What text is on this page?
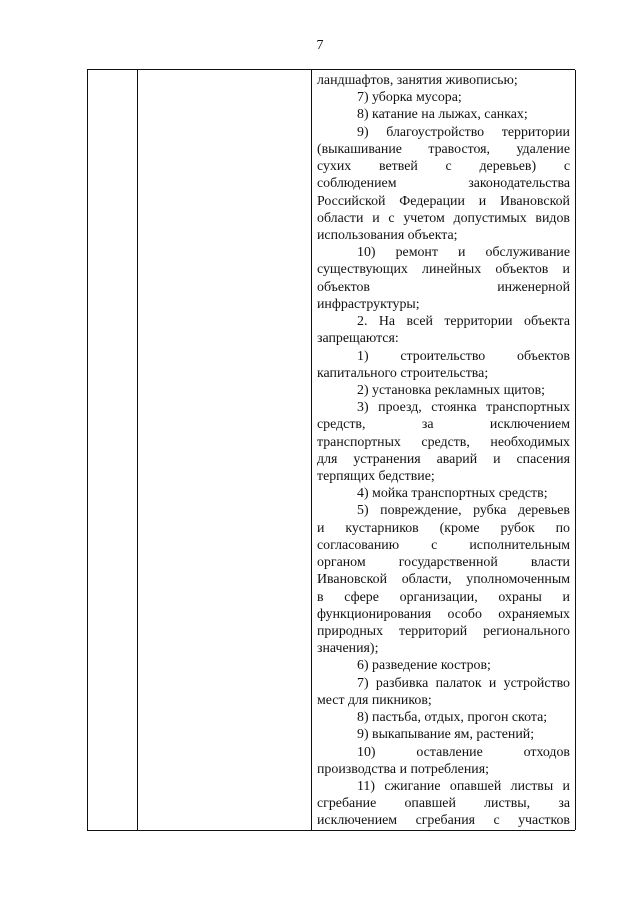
7
ландшафтов, занятия живописью;
7) уборка мусора;
8) катание на лыжах, санках;
9) благоустройство территории
(выкашивание травостоя, удаление
сухих ветвей с деревьев) с
соблюдением законодательства
Российской Федерации и Ивановской
области и с учетом допустимых видов
использования объекта;
10) ремонт и обслуживание
существующих линейных объектов и
объектов инженерной
инфраструктуры;
2. На всей территории объекта
запрещаются:
1) строительство объектов
капитального строительства;
2) установка рекламных щитов;
3) проезд, стоянка транспортных
средств, за исключением
транспортных средств, необходимых
для устранения аварий и спасения
терпящих бедствие;
4) мойка транспортных средств;
5) повреждение, рубка деревьев
и кустарников (кроме рубок по
согласованию с исполнительным
органом государственной власти
Ивановской области, уполномоченным
в сфере организации, охраны и
функционирования особо охраняемых
природных территорий регионального
значения);
6) разведение костров;
7) разбивка палаток и устройство
мест для пикников;
8) пастьба, отдых, прогон скота;
9) выкапывание ям, растений;
10) оставление отходов
производства и потребления;
11) сжигание опавшей листвы и
сгребание опавшей листвы, за
исключением сгребания с участков
